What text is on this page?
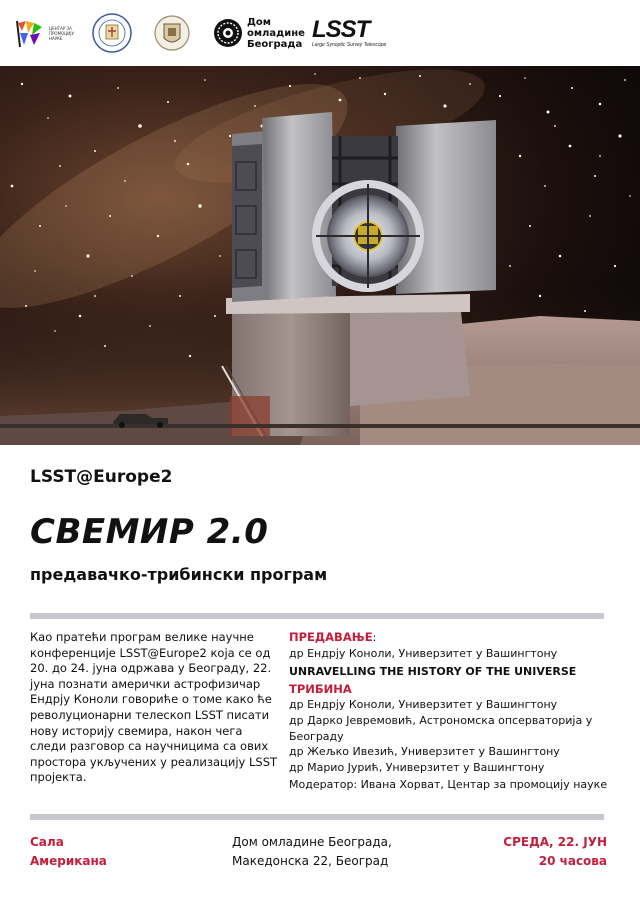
ЦЕНТАР ЗА ПРОМОЦИЈУ НАУКЕ
Дом
омладине
Београда
LSST
Large Synoptic Survey Telescope
LSST@Europe2
СВЕМИР 2.0
предавачко-трибински програм
Као пратећи програм велике научне конференције LSST@Europe2 која се од 20. до 24. јуна одржава у Београду, 22. јуна познати амерички астрофизичар Ендрју Коноли говориће о томе како ће револуционарни телескоп LSST писати нову историју свемира, након чега следи разговор са научницима са ових простора укључених у реализацију LSST пројекта.
ПРЕДАВАЊЕ:
др Ендрју Коноли, Универзитет у Вашингтону
UNRAVELLING THE HISTORY OF THE UNIVERSE
ТРИБИНА
др Ендрју Коноли, Универзитет у Вашингтону
др Дарко Јевремовић, Астрономска опсерваторија у Београду
др Жељко Ивезић, Универзитет у Вашингтону
др Марио Јурић, Универзитет у Вашингтону
Модератор: Ивана Хорват, Центар за промоцију науке
Сала
Американа
Дом омладине Београда,
Македонска 22, Београд
СРЕДА, 22. ЈУН
20 часова
